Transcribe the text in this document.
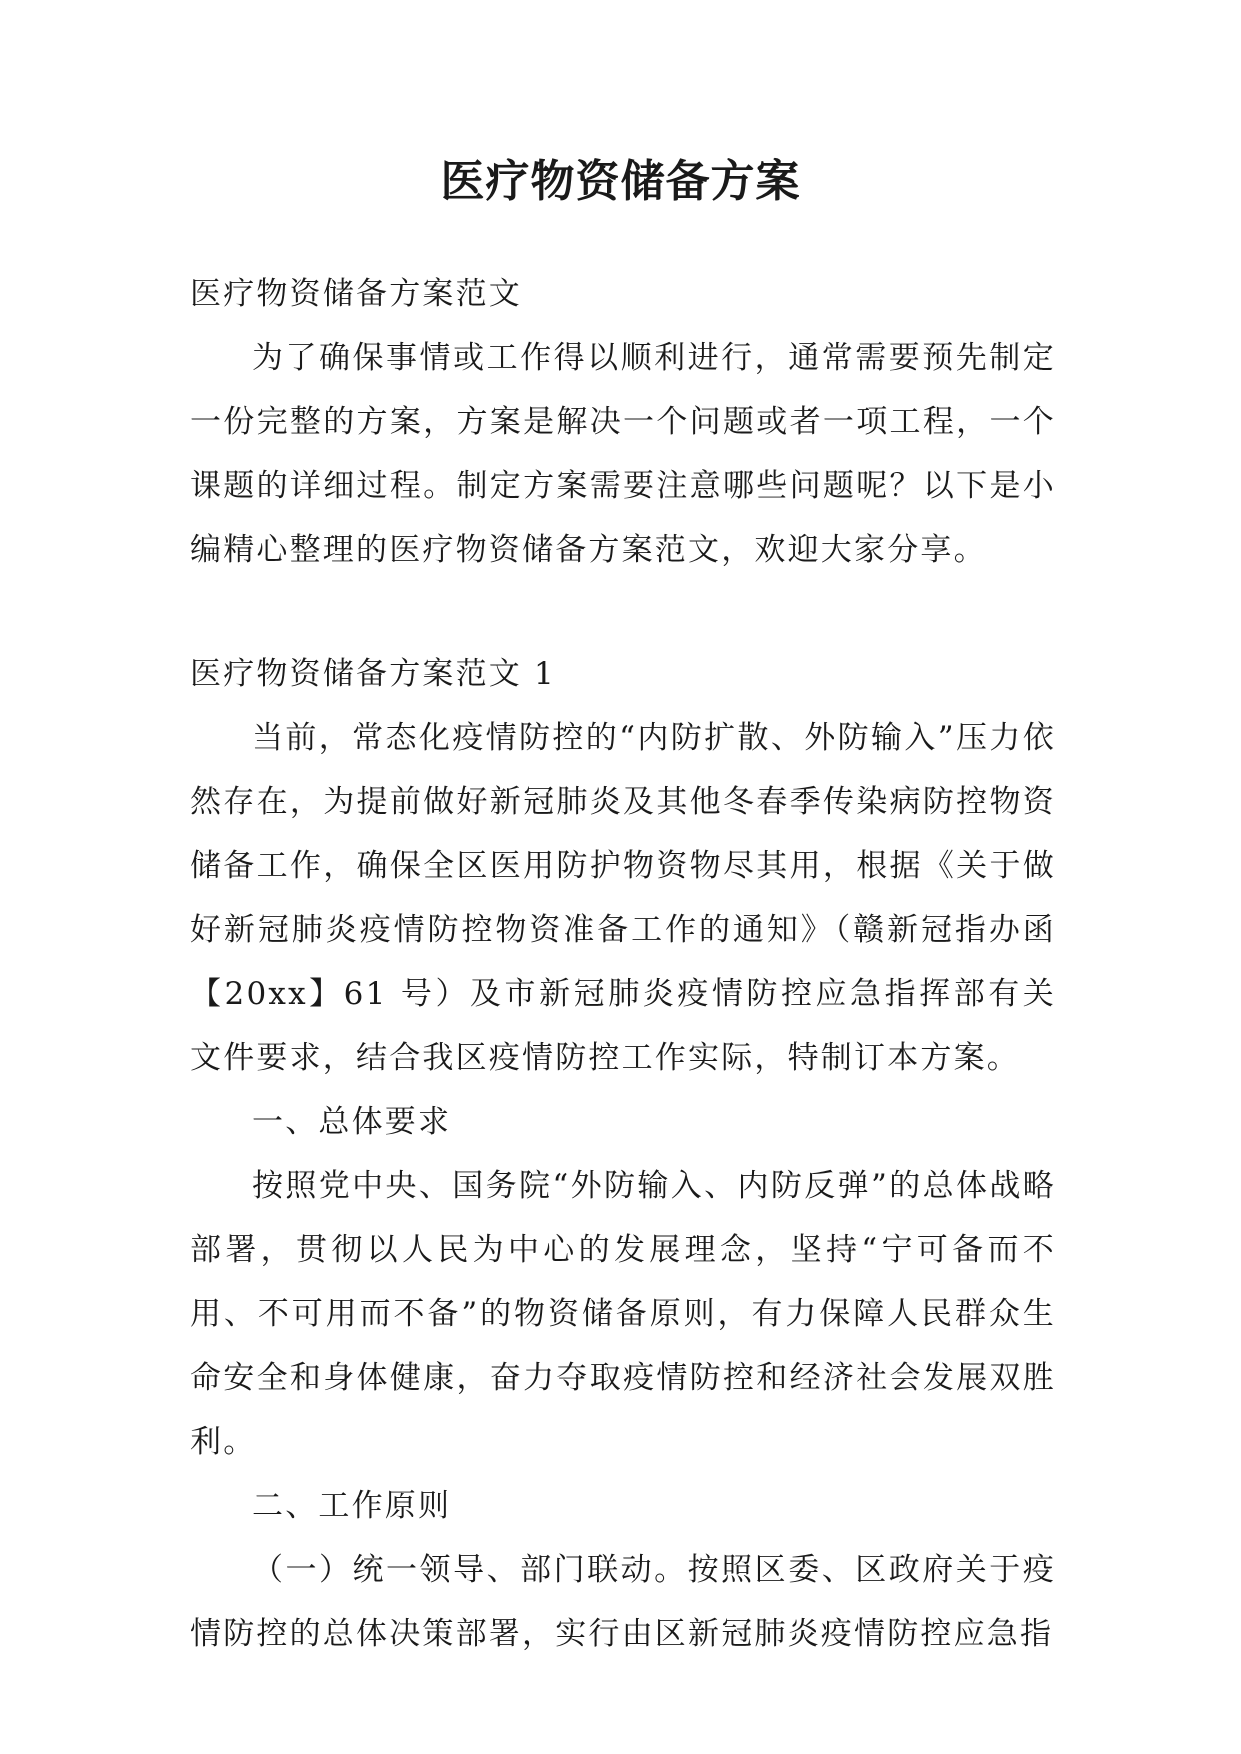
医疗物资储备方案

医疗物资储备方案范文

为了确保事情或工作得以顺利进行，通常需要预先制定一份完整的方案，方案是解决一个问题或者一项工程，一个课题的详细过程。制定方案需要注意哪些问题呢？以下是小编精心整理的医疗物资储备方案范文，欢迎大家分享。

医疗物资储备方案范文 1

当前，常态化疫情防控的“内防扩散、外防输入”压力依然存在，为提前做好新冠肺炎及其他冬春季传染病防控物资储备工作，确保全区医用防护物资物尽其用，根据《关于做好新冠肺炎疫情防控物资准备工作的通知》（赣新冠指办函【20xx】61 号）及市新冠肺炎疫情防控应急指挥部有关文件要求，结合我区疫情防控工作实际，特制订本方案。

一、总体要求

按照党中央、国务院“外防输入、内防反弹”的总体战略部署，贯彻以人民为中心的发展理念，坚持“宁可备而不用、不可用而不备”的物资储备原则，有力保障人民群众生命安全和身体健康，奋力夺取疫情防控和经济社会发展双胜利。

二、工作原则

（一）统一领导、部门联动。按照区委、区政府关于疫情防控的总体决策部署，实行由区新冠肺炎疫情防控应急指
